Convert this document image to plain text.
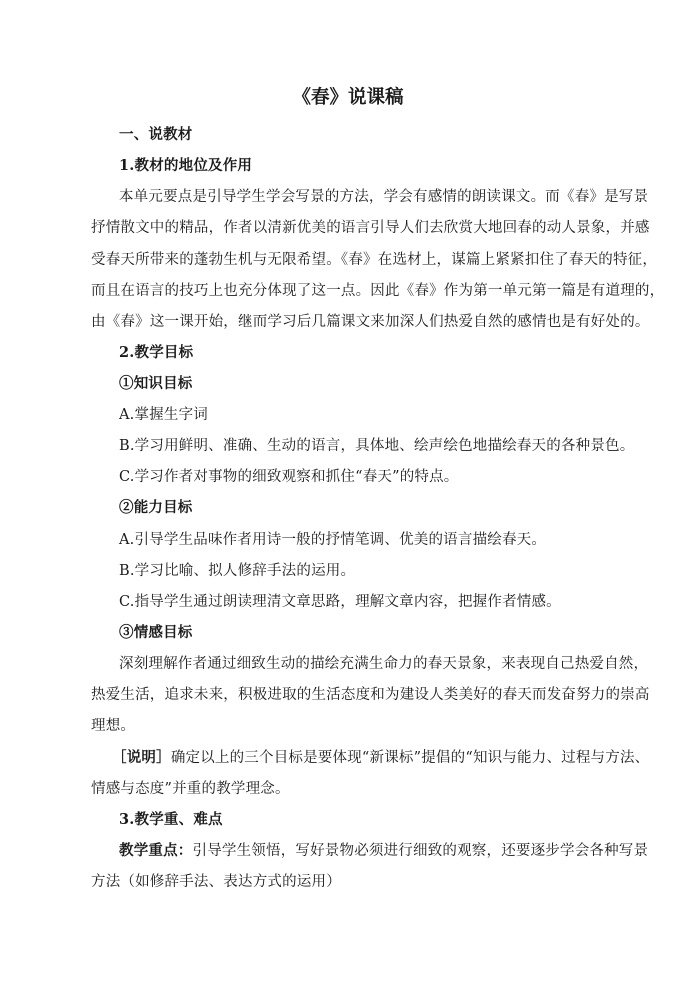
《春》说课稿
一、说教材
1.教材的地位及作用
本单元要点是引导学生学会写景的方法，学会有感情的朗读课文。而《春》是写景
抒情散文中的精品，作者以清新优美的语言引导人们去欣赏大地回春的动人景象，并感
受春天所带来的蓬勃生机与无限希望。《春》在选材上，谋篇上紧紧扣住了春天的特征，
而且在语言的技巧上也充分体现了这一点。因此《春》作为第一单元第一篇是有道理的，
由《春》这一课开始，继而学习后几篇课文来加深人们热爱自然的感情也是有好处的。
2.教学目标
①知识目标
A.掌握生字词
B.学习用鲜明、准确、生动的语言，具体地、绘声绘色地描绘春天的各种景色。
C.学习作者对事物的细致观察和抓住“春天”的特点。
②能力目标
A.引导学生品味作者用诗一般的抒情笔调、优美的语言描绘春天。
B.学习比喻、拟人修辞手法的运用。
C.指导学生通过朗读理清文章思路，理解文章内容，把握作者情感。
③情感目标
深刻理解作者通过细致生动的描绘充满生命力的春天景象，来表现自己热爱自然，
热爱生活，追求未来，积极进取的生活态度和为建设人类美好的春天而发奋努力的崇高
理想。
［说明］确定以上的三个目标是要体现“新课标”提倡的“知识与能力、过程与方法、
情感与态度”并重的教学理念。
3.教学重、难点
教学重点：引导学生领悟，写好景物必须进行细致的观察，还要逐步学会各种写景
方法（如修辞手法、表达方式的运用）
